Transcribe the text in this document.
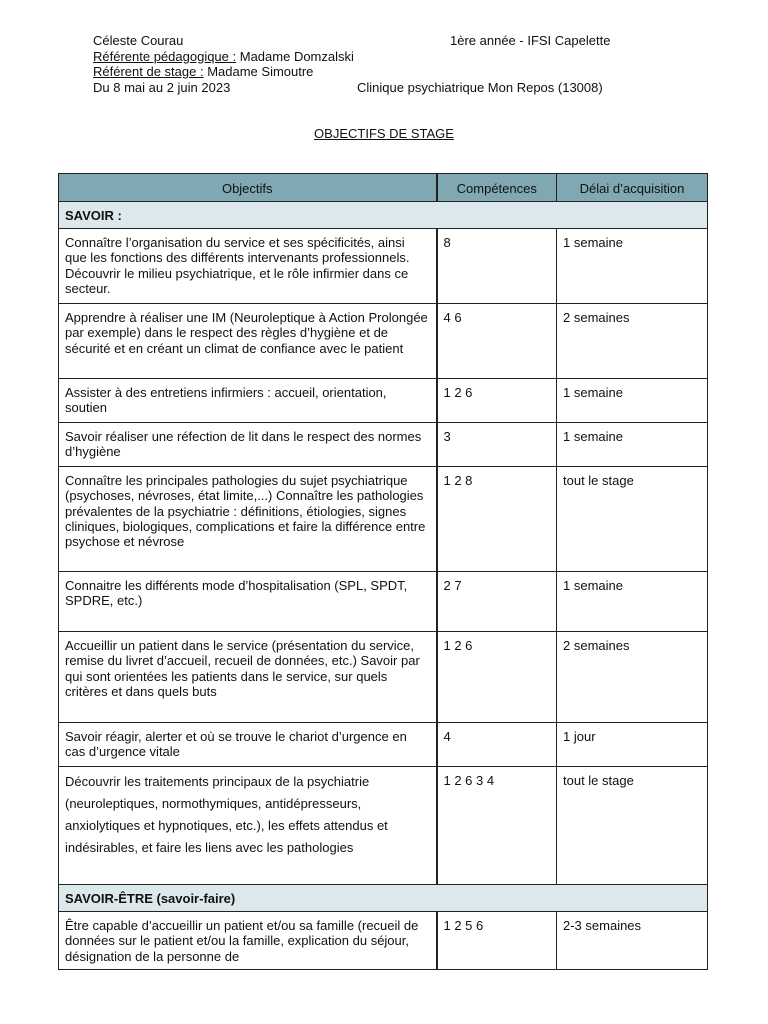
Céleste Courau	1ère année - IFSI Capelette
Référente pédagogique : Madame Domzalski
Référent de stage : Madame Simoutre
Du 8 mai au 2 juin 2023	Clinique psychiatrique Mon Repos (13008)
OBJECTIFS DE STAGE
Objectifs	Compétences	Délai d’acquisition
SAVOIR :		
Connaître l’organisation du service et ses spécificités, ainsi que les fonctions des différents intervenants professionnels. Découvrir le milieu psychiatrique, et le rôle infirmier dans ce secteur.	8	1 semaine
Apprendre à réaliser une IM (Neuroleptique à Action Prolongée par exemple) dans le respect des règles d’hygiène et de sécurité et en créant un climat de confiance avec le patient	4 6	2 semaines
Assister à des entretiens infirmiers : accueil, orientation, soutien	1 2 6	1 semaine
Savoir réaliser une réfection de lit dans le respect des normes d’hygiène	3	1 semaine
Connaître les principales pathologies du sujet psychiatrique (psychoses, névroses, état limite,...) Connaître les pathologies prévalentes de la psychiatrie : définitions, étiologies, signes cliniques, biologiques, complications et faire la différence entre psychose et névrose	1 2 8	tout le stage
Connaitre les différents mode d’hospitalisation (SPL, SPDT, SPDRE, etc.)	2 7	1 semaine
Accueillir un patient dans le service (présentation du service, remise du livret d’accueil, recueil de données, etc.) Savoir par qui sont orientées les patients dans le service, sur quels critères et dans quels buts	1 2 6	2 semaines
Savoir réagir, alerter et où se trouve le chariot d’urgence en cas d’urgence vitale	4	1 jour
Découvrir les traitements principaux de la psychiatrie (neuroleptiques, normothymiques, antidépresseurs, anxiolytiques et hypnotiques, etc.), les effets attendus et indésirables, et faire les liens avec les pathologies	1 2 6 3 4	tout le stage
SAVOIR-ÊTRE (savoir-faire)		
Être capable d’accueillir un patient et/ou sa famille (recueil de données sur le patient et/ou la famille, explication du séjour, désignation de la personne de	1 2 5 6	2-3 semaines
